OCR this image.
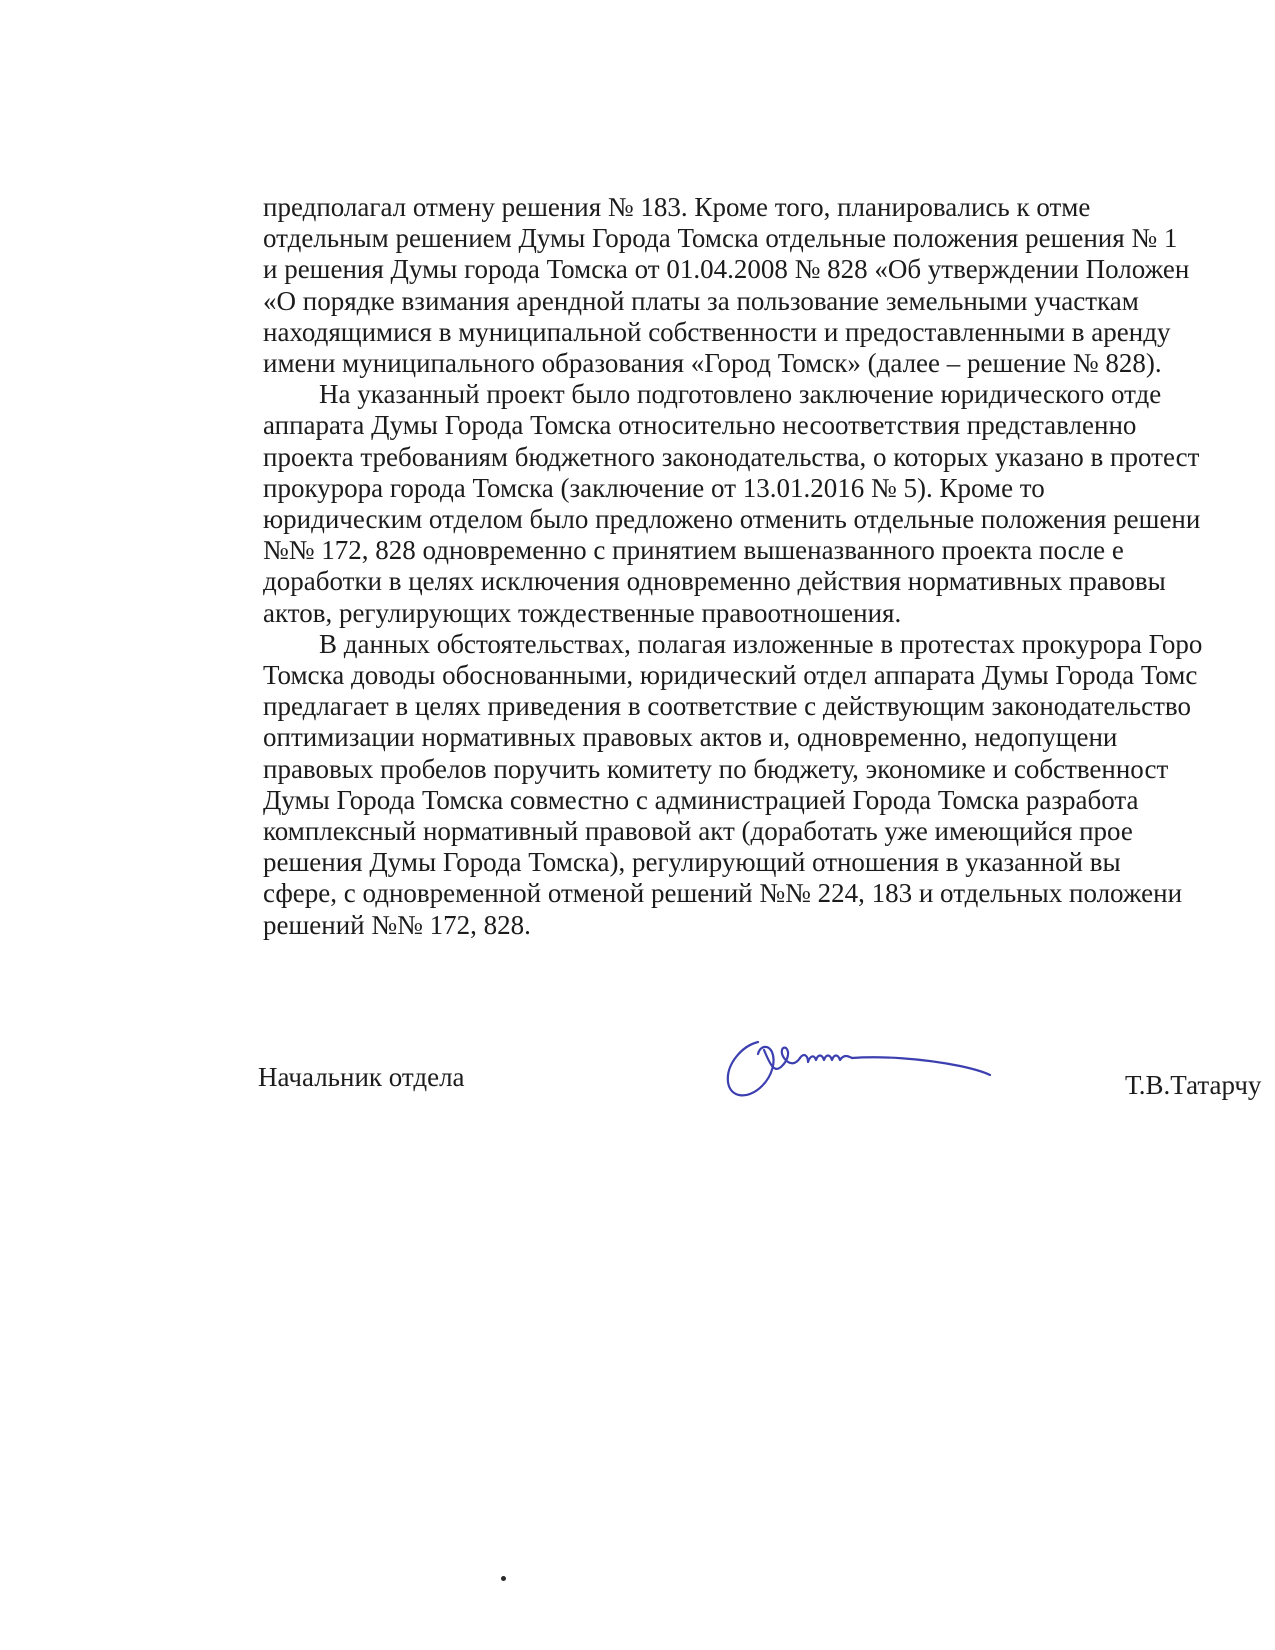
предполагал отмену решения № 183. Кроме того, планировались к отме
отдельным решением Думы Города Томска отдельные положения решения № 1
и решения Думы города Томска от 01.04.2008 № 828 «Об утверждении Положен
«О порядке взимания арендной платы за пользование земельными участкам
находящимися в муниципальной собственности и предоставленными в аренду
имени муниципального образования «Город Томск» (далее – решение № 828).
На указанный проект было подготовлено заключение юридического отде
аппарата Думы Города Томска относительно несоответствия представленно
проекта требованиям бюджетного законодательства, о которых указано в протест
прокурора города Томска (заключение от 13.01.2016 № 5). Кроме то
юридическим отделом было предложено отменить отдельные положения решени
№№ 172, 828 одновременно с принятием вышеназванного проекта после е
доработки в целях исключения одновременно действия нормативных правовы
актов, регулирующих тождественные правоотношения.
В данных обстоятельствах, полагая изложенные в протестах прокурора Горо
Томска доводы обоснованными, юридический отдел аппарата Думы Города Томс
предлагает в целях приведения в соответствие с действующим законодательство
оптимизации нормативных правовых актов и, одновременно, недопущени
правовых пробелов поручить комитету по бюджету, экономике и собственност
Думы Города Томска совместно с администрацией Города Томска разработа
комплексный нормативный правовой акт (доработать уже имеющийся прое
решения Думы Города Томска), регулирующий отношения в указанной вы
сфере, с одновременной отменой решений №№ 224, 183 и отдельных положени
решений №№ 172, 828.
Начальник отдела	Т.В.Татарчу
